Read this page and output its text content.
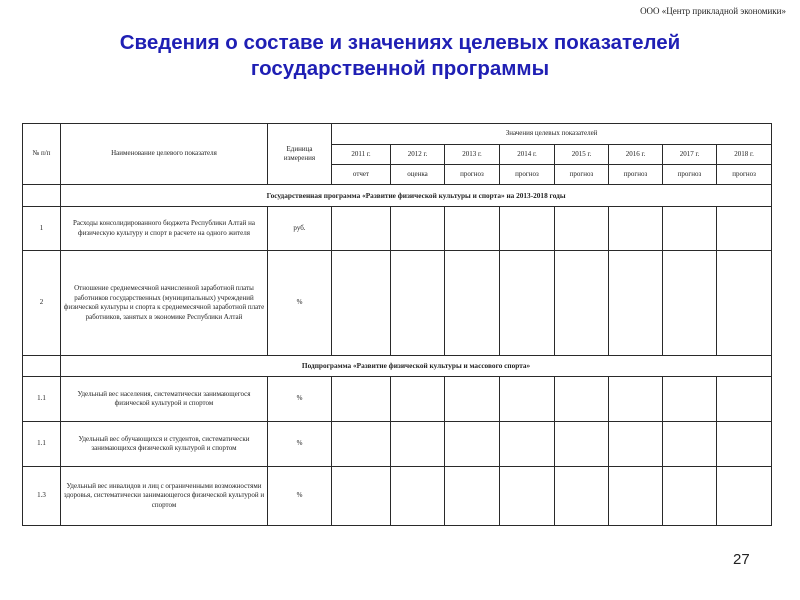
ООО «Центр прикладной экономики»
Сведения о составе и значениях целевых показателей
государственной программы
№ п/п	Наименование целевого показателя	Единица
измерения	Значения целевых показателей							
			2011 г.	2012 г.	2013 г.	2014 г.	2015 г.	2016 г.	2017 г.	2018 г.
			отчет	оценка	прогноз	прогноз	прогноз	прогноз	прогноз	прогноз
	Государственная программа «Развитие физической культуры и спорта» на 2013-2018 годы									
1	Расходы консолидированного бюджета Республики Алтай на физическую культуру и спорт в расчете на одного жителя	руб.								
2	Отношение среднемесячной начисленной заработной платы работников государственных (муниципальных) учреждений физической культуры и спорта к среднемесячной заработной плате работников, занятых в экономике Республики Алтай	%								
	Подпрограмма «Развитие физической культуры и массового спорта»									
1.1	Удельный вес населения, систематически занимающегося физической культурой и спортом	%								
1.1	Удельный вес обучающихся и студентов, систематически занимающихся физической культурой и спортом	%								
1.3	Удельный вес инвалидов и лиц с ограниченными возможностями здоровья, систематически занимающегося физической культурой и спортом	%								
27
